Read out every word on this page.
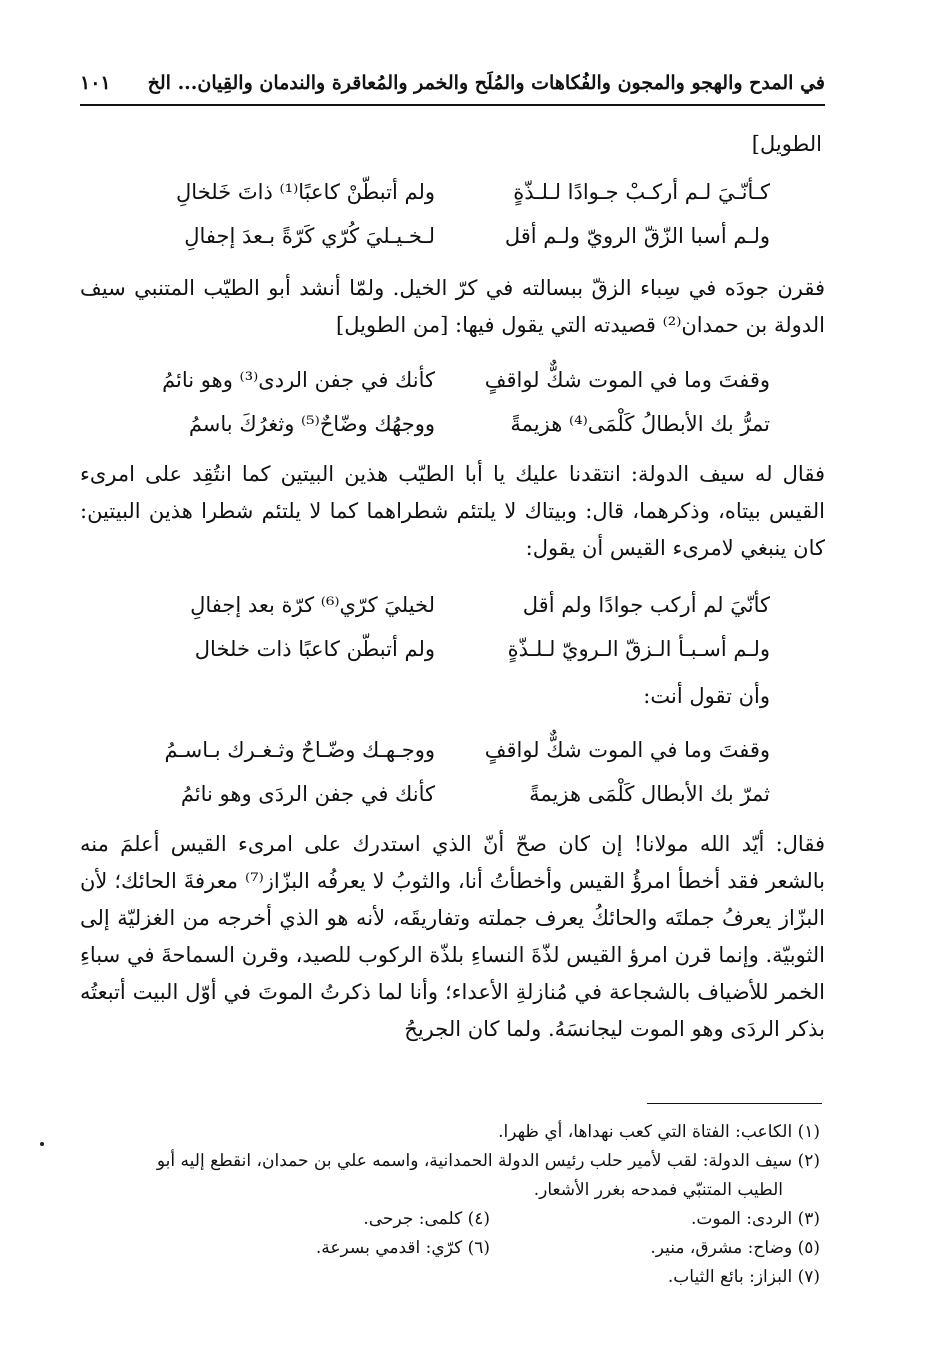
في المدح والهجو والمجون والفُكاهات والمُلَح والخمر والمُعاقرة والندمان والقِيان... الخ
١٠١
الطويل]
كـأنّـيَ لـم أركـبْ جـوادًا لـلـذّةٍ
ولم أتبطّنْ كاعبًا⁽¹⁾ ذاتَ خَلخالِ
ولـم أسبا الزّقّ الرويّ ولـم أقل
لـخـيـليَ كُرّي كَرّةً بـعدَ إجفالِ
فقرن جودَه في سِباء الزقّ ببسالته في كرّ الخيل. ولمّا أنشد أبو الطيّب المتنبي سيف الدولة بن حمدان⁽²⁾ قصيدته التي يقول فيها: [من الطويل]
وقفتَ وما في الموت شكٌّ لواقفٍ
كأنك في جفن الردى⁽³⁾ وهو نائمُ
تمرُّ بك الأبطالُ كَلْمَى⁽⁴⁾ هزيمةً
ووجهُك وضّاحٌ⁽⁵⁾ وثغرُكَ باسمُ
فقال له سيف الدولة: انتقدنا عليك يا أبا الطيّب هذين البيتين كما انتُقِد على امرىء القيس بيتاه، وذكرهما، قال: وبيتاك لا يلتئم شطراهما كما لا يلتئم شطرا هذين البيتين: كان ينبغي لامرىء القيس أن يقول:
كأنّيَ لم أركب جوادًا ولم أقل
لخيليَ كرّي⁽⁶⁾ كرّة بعد إجفالِ
ولـم أسـبـأ الـزقّ الـرويّ لـلـذّةٍ
ولم أتبطّن كاعبًا ذات خلخال
وأن تقول أنت:
وقفتَ وما في الموت شكٌّ لواقفٍ
ووجـهـك وضّـاحٌ وثـغـرك بـاسـمُ
ثمرّ بك الأبطال كَلْمَى هزيمةً
كأنك في جفن الردَى وهو نائمُ
فقال: أيّد الله مولانا! إن كان صحّ أنّ الذي استدرك على امرىء القيس أعلمَ منه بالشعر فقد أخطأ امرؤُ القيس وأخطأتُ أنا، والثوبُ لا يعرفُه البزّاز⁽⁷⁾ معرفةَ الحائك؛ لأن البزّاز يعرفُ جملتَه والحائكُ يعرف جملته وتفاريقَه، لأنه هو الذي أخرجه من الغزليّة إلى الثوبيّة. وإنما قرن امرؤ القيس لذّةَ النساءِ بلذّة الركوب للصيد، وقرن السماحةَ في سباءِ الخمر للأضياف بالشجاعة في مُنازلةِ الأعداء؛ وأنا لما ذكرتُ الموتَ في أوّل البيت أتبعتُه بذكر الردَى وهو الموت ليجانسَهُ. ولما كان الجريحُ
(١) الكاعب: الفتاة التي كعب نهداها، أي ظهرا.
(٢) سيف الدولة: لقب لأمير حلب رئيس الدولة الحمدانية، واسمه علي بن حمدان، انقطع إليه أبو
الطيب المتنبّي فمدحه بغرر الأشعار.
(٣) الردى: الموت.
(٤) كلمى: جرحى.
(٥) وضاح: مشرق، منير.
(٦) كرّي: اقدمي بسرعة.
(٧) البزاز: بائع الثياب.
